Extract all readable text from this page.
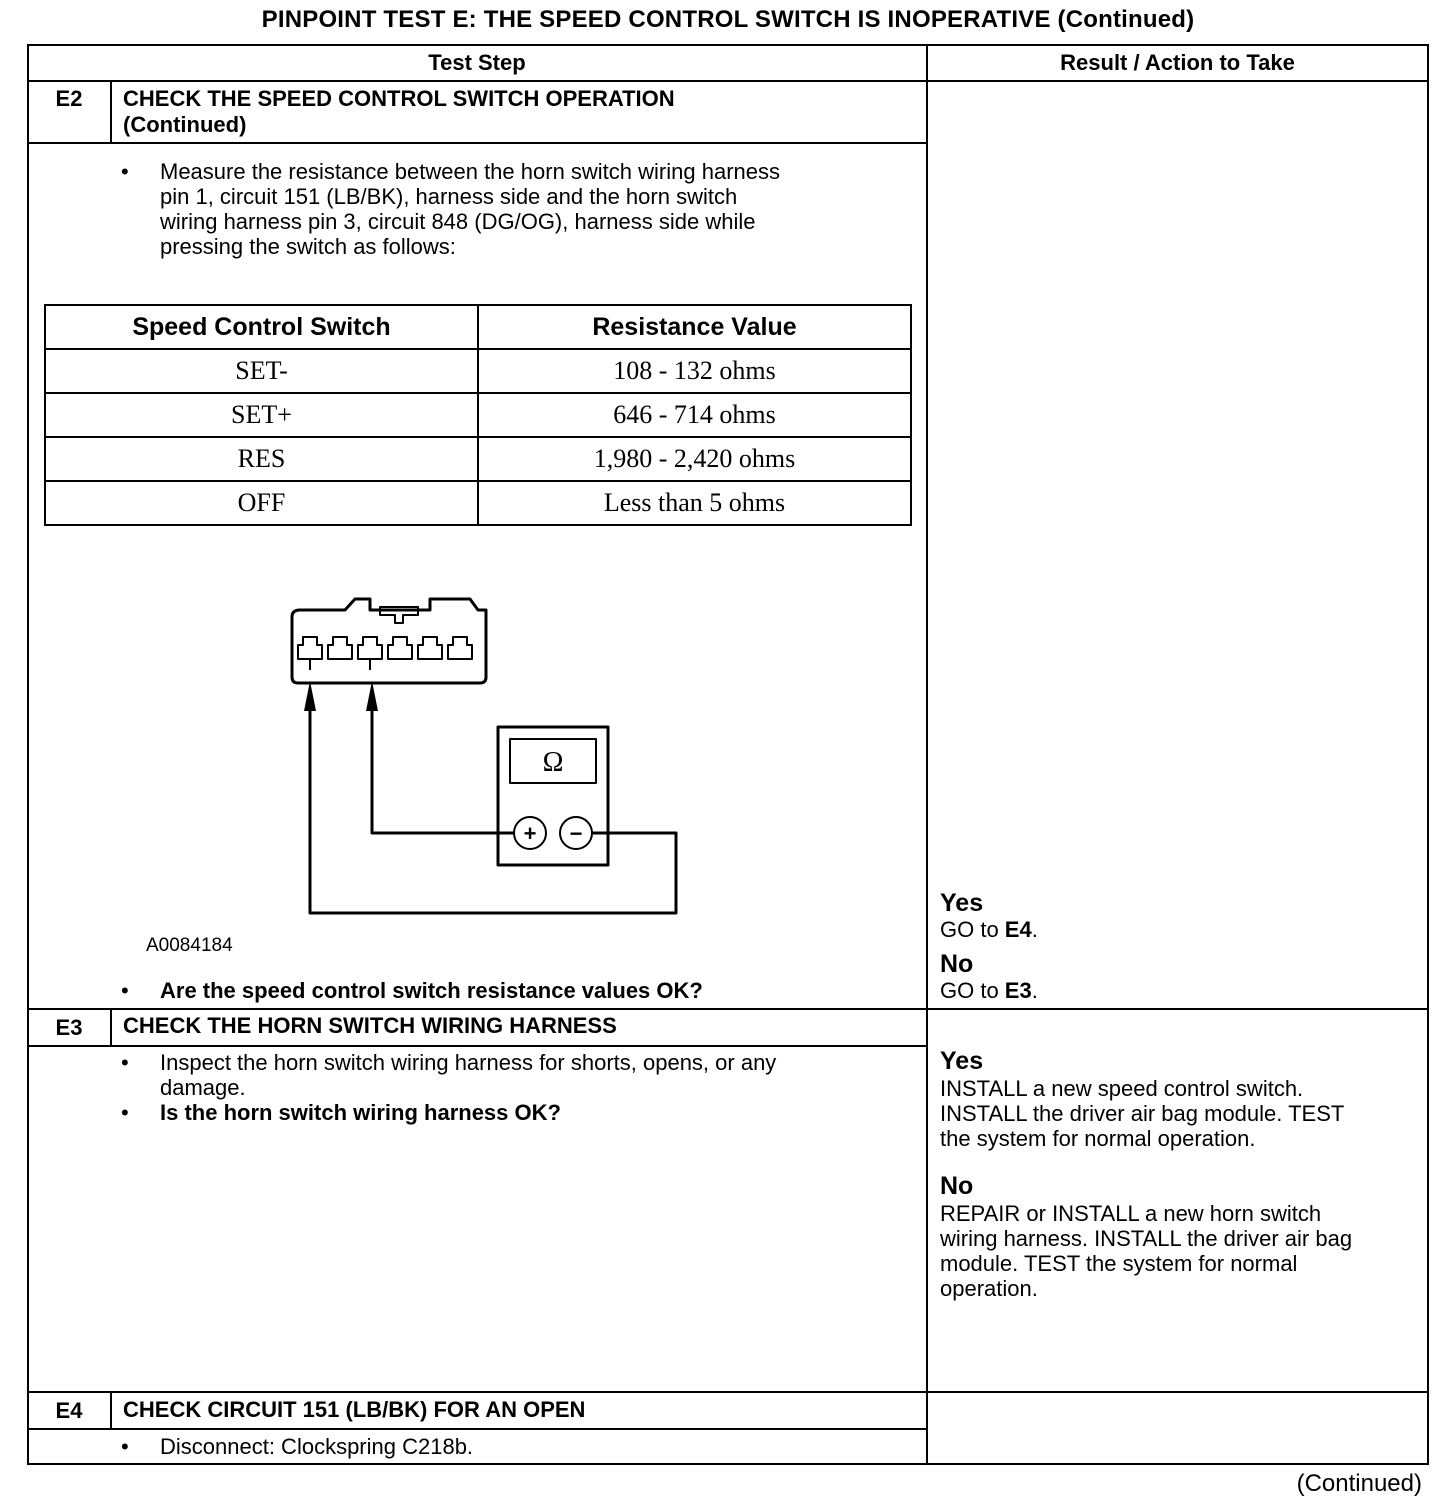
PINPOINT TEST E: THE SPEED CONTROL SWITCH IS INOPERATIVE (Continued)
Test Step	Result / Action to Take
E2	CHECK THE SPEED CONTROL SWITCH OPERATION
(Continued)
• Measure the resistance between the horn switch wiring harness
pin 1, circuit 151 (LB/BK), harness side and the horn switch
wiring harness pin 3, circuit 848 (DG/OG), harness side while
pressing the switch as follows:
Speed Control Switch	Resistance Value
SET-	108 - 132 ohms
SET+	646 - 714 ohms
RES	1,980 - 2,420 ohms
OFF	Less than 5 ohms
Ω
+ −
A0084184
• Are the speed control switch resistance values OK?
Yes
GO to E4.
No
GO to E3.
E3	CHECK THE HORN SWITCH WIRING HARNESS
• Inspect the horn switch wiring harness for shorts, opens, or any
damage.
• Is the horn switch wiring harness OK?
Yes
INSTALL a new speed control switch.
INSTALL the driver air bag module. TEST
the system for normal operation.
No
REPAIR or INSTALL a new horn switch
wiring harness. INSTALL the driver air bag
module. TEST the system for normal
operation.
E4	CHECK CIRCUIT 151 (LB/BK) FOR AN OPEN
• Disconnect: Clockspring C218b.
(Continued)
